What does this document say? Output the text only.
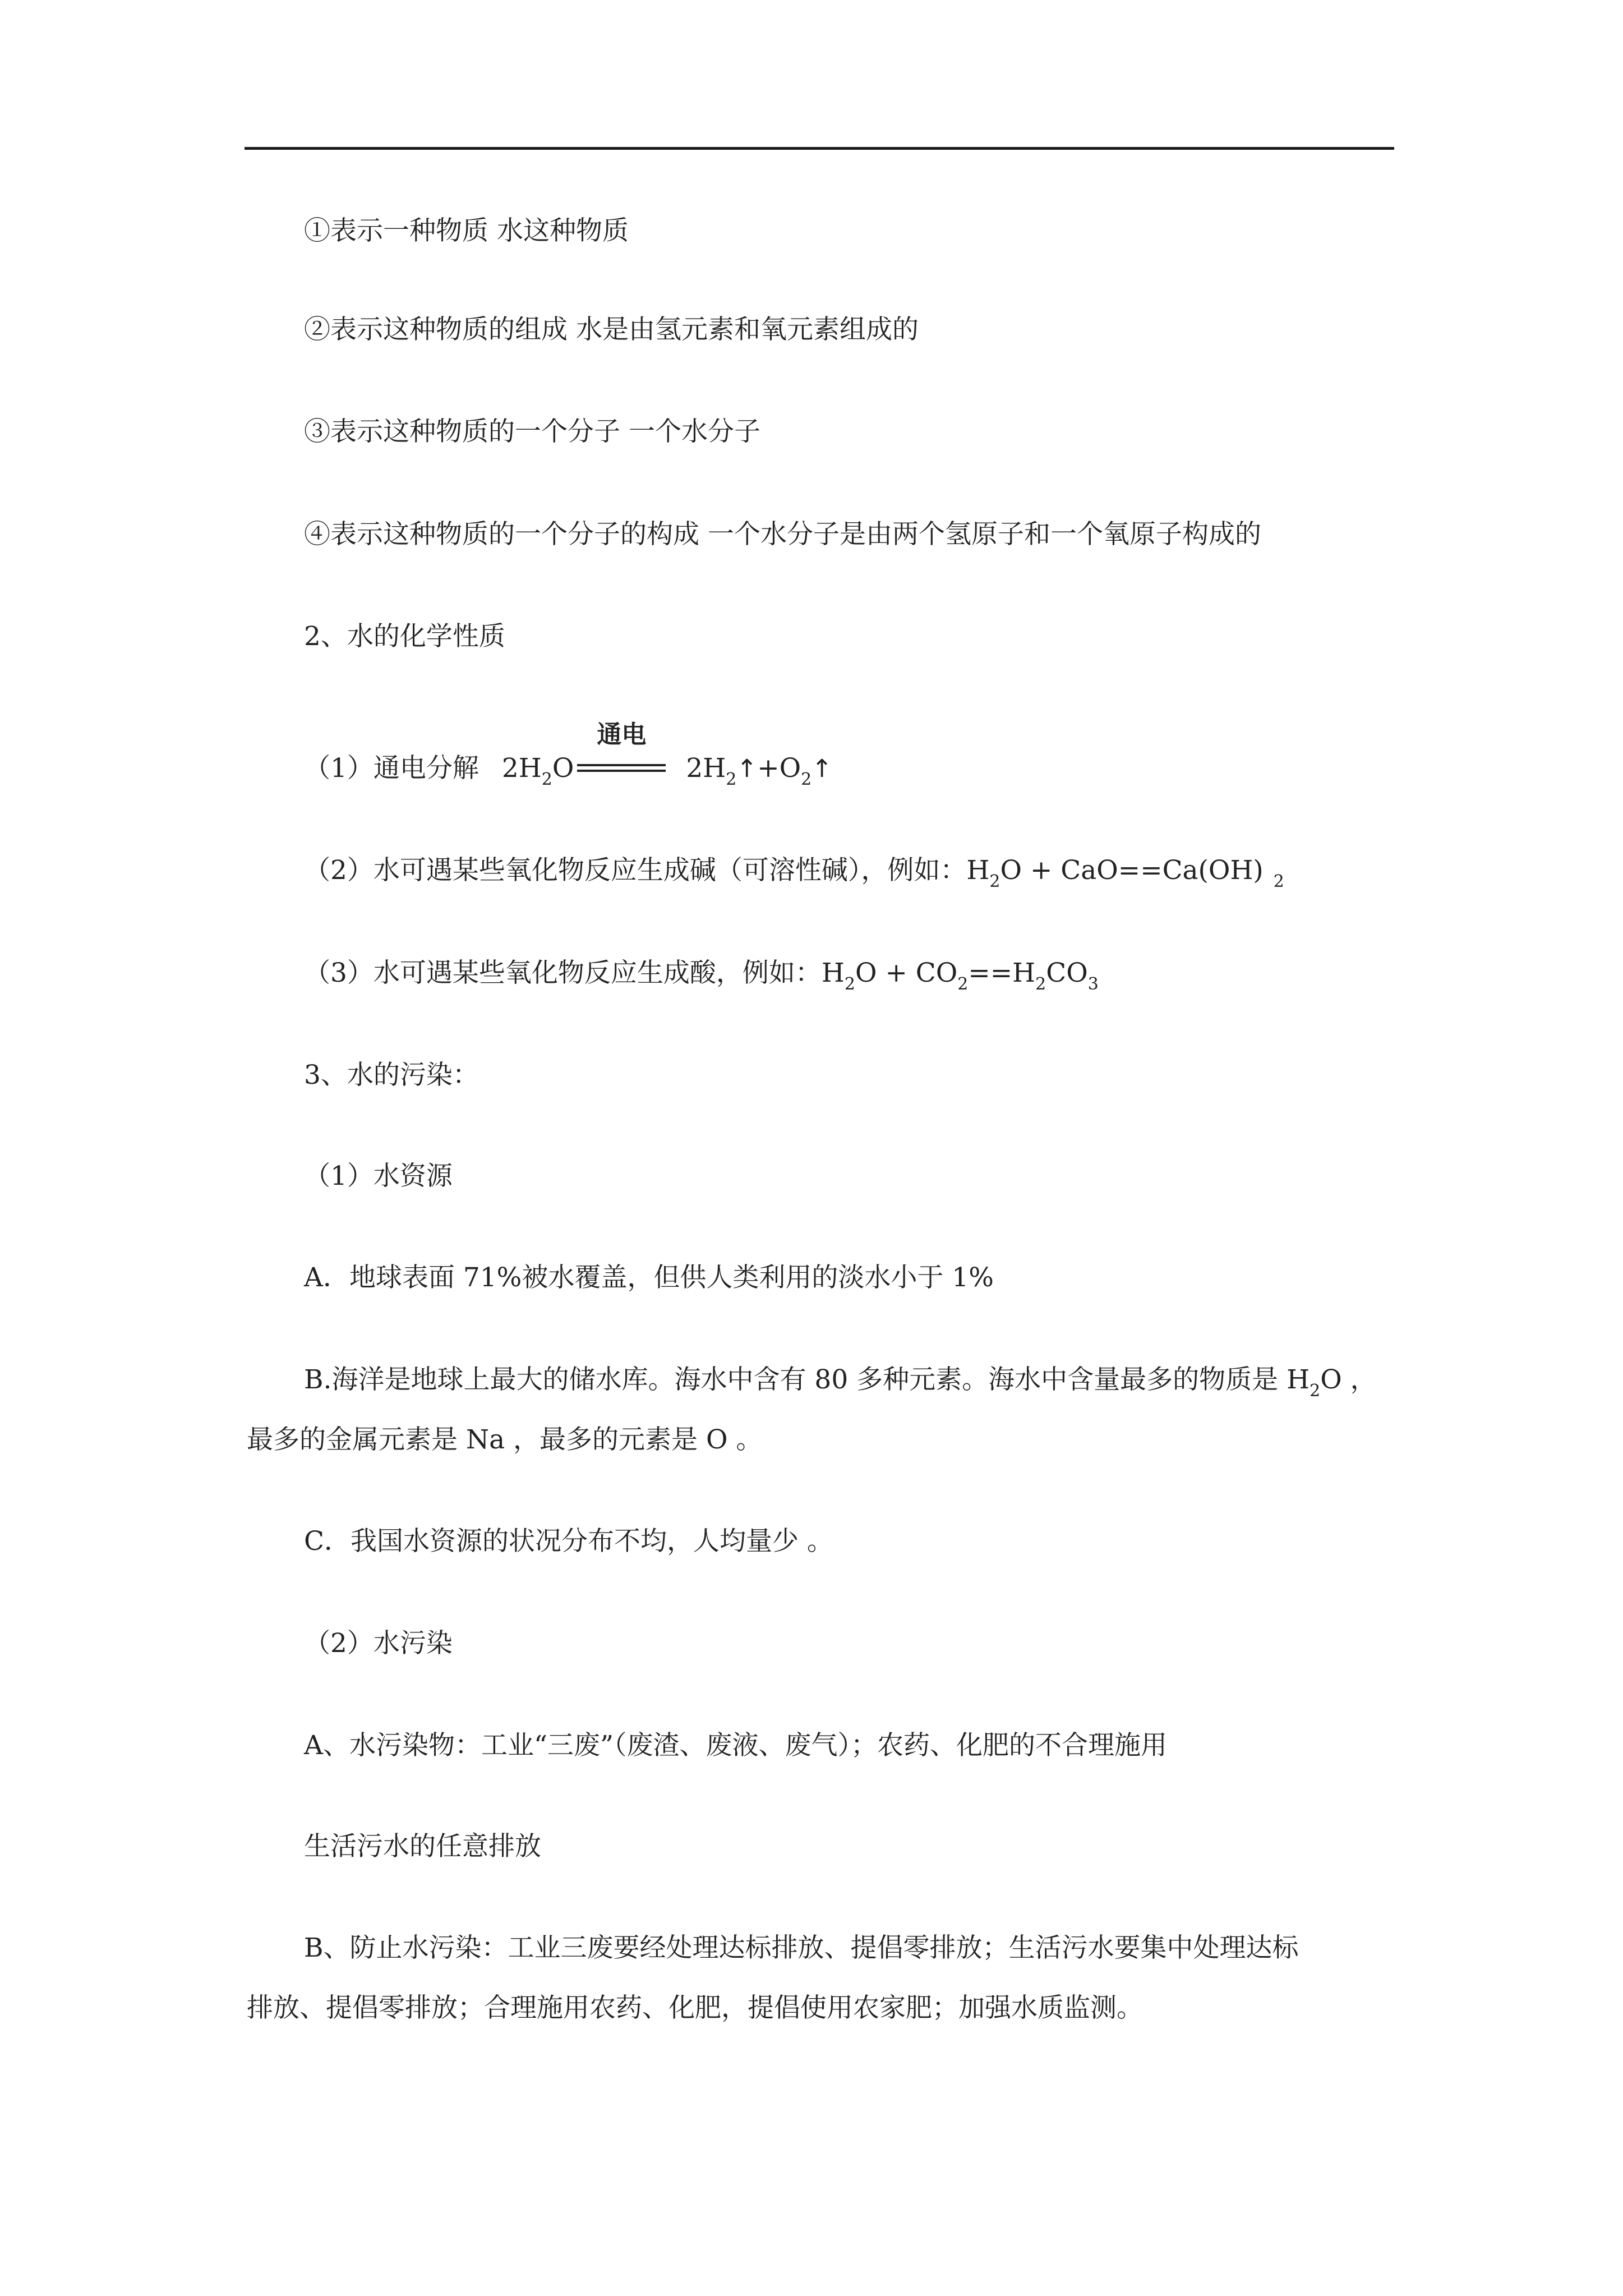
①表示一种物质 水这种物质
②表示这种物质的组成 水是由氢元素和氧元素组成的
③表示这种物质的一个分子 一个水分子
④表示这种物质的一个分子的构成 一个水分子是由两个氢原子和一个氧原子构成的
2、水的化学性质
（1）通电分解 $2H_2O$
通电
$2H_2↑+O_2↑$
（2）水可遇某些氧化物反应生成碱（可溶性碱），例如：$H_2O + CaO==Ca(OH)$ $_2$
（3）水可遇某些氧化物反应生成酸，例如：$H_2O + CO_2==H_2CO_3$
3、水的污染：
（1）水资源
A．地球表面 71%被水覆盖，但供人类利用的淡水小于 1%
B.海洋是地球上最大的储水库。海水中含有 80 多种元素。海水中含量最多的物质是 $H_2O$ ，
最多的金属元素是 Na ，最多的元素是 O 。
C．我国水资源的状况分布不均，人均量少 。
（2）水污染
A、水污染物：工业“三废”（废渣、废液、废气）；农药、化肥的不合理施用
生活污水的任意排放
B、防止水污染：工业三废要经处理达标排放、提倡零排放；生活污水要集中处理达标
排放、提倡零排放；合理施用农药、化肥，提倡使用农家肥；加强水质监测。
